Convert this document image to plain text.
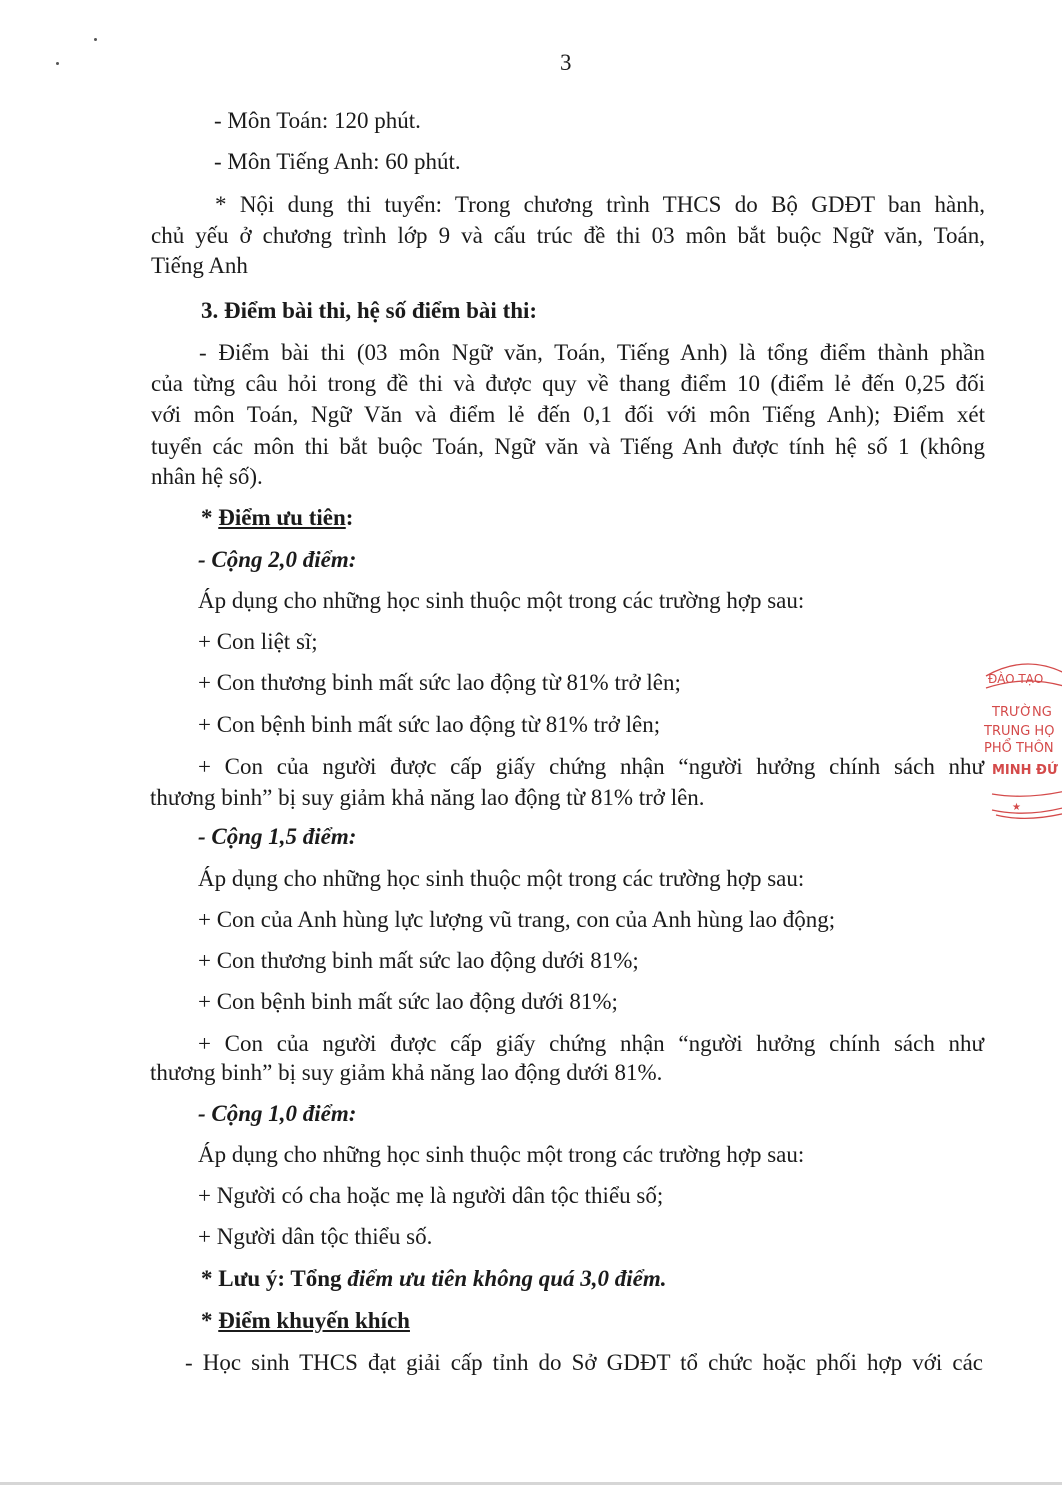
3
- Môn Toán: 120 phút.
- Môn Tiếng Anh: 60 phút.
* Nội dung thi tuyển: Trong chương trình THCS do Bộ GDĐT ban hành,
chủ yếu ở chương trình lớp 9 và cấu trúc đề thi 03 môn bắt buộc Ngữ văn, Toán,
Tiếng Anh
3. Điểm bài thi, hệ số điểm bài thi:
- Điểm bài thi (03 môn Ngữ văn, Toán, Tiếng Anh) là tổng điểm thành phần
của từng câu hỏi trong đề thi và được quy về thang điểm 10 (điểm lẻ đến 0,25 đối
với môn Toán, Ngữ Văn và điểm lẻ đến 0,1 đối với môn Tiếng Anh); Điểm xét
tuyển các môn thi bắt buộc Toán, Ngữ văn và Tiếng Anh được tính hệ số 1 (không
nhân hệ số).
* Điểm ưu tiên:
- Cộng 2,0 điểm:
Áp dụng cho những học sinh thuộc một trong các trường hợp sau:
+ Con liệt sĩ;
+ Con thương binh mất sức lao động từ 81% trở lên;
+ Con bệnh binh mất sức lao động từ 81% trở lên;
+ Con của người được cấp giấy chứng nhận “người hưởng chính sách như
thương binh” bị suy giảm khả năng lao động từ 81% trở lên.
- Cộng 1,5 điểm:
Áp dụng cho những học sinh thuộc một trong các trường hợp sau:
+ Con của Anh hùng lực lượng vũ trang, con của Anh hùng lao động;
+ Con thương binh mất sức lao động dưới 81%;
+ Con bệnh binh mất sức lao động dưới 81%;
+ Con của người được cấp giấy chứng nhận “người hưởng chính sách như
thương binh” bị suy giảm khả năng lao động dưới 81%.
- Cộng 1,0 điểm:
Áp dụng cho những học sinh thuộc một trong các trường hợp sau:
+ Người có cha hoặc mẹ là người dân tộc thiểu số;
+ Người dân tộc thiểu số.
* Lưu ý: Tổng điểm ưu tiên không quá 3,0 điểm.
* Điểm khuyến khích
- Học sinh THCS đạt giải cấp tỉnh do Sở GDĐT tổ chức hoặc phối hợp với các
ĐÀO TẠO
TRƯỜNG
TRUNG HỌ
PHỔ THÔN
MINH ĐỨ
★
